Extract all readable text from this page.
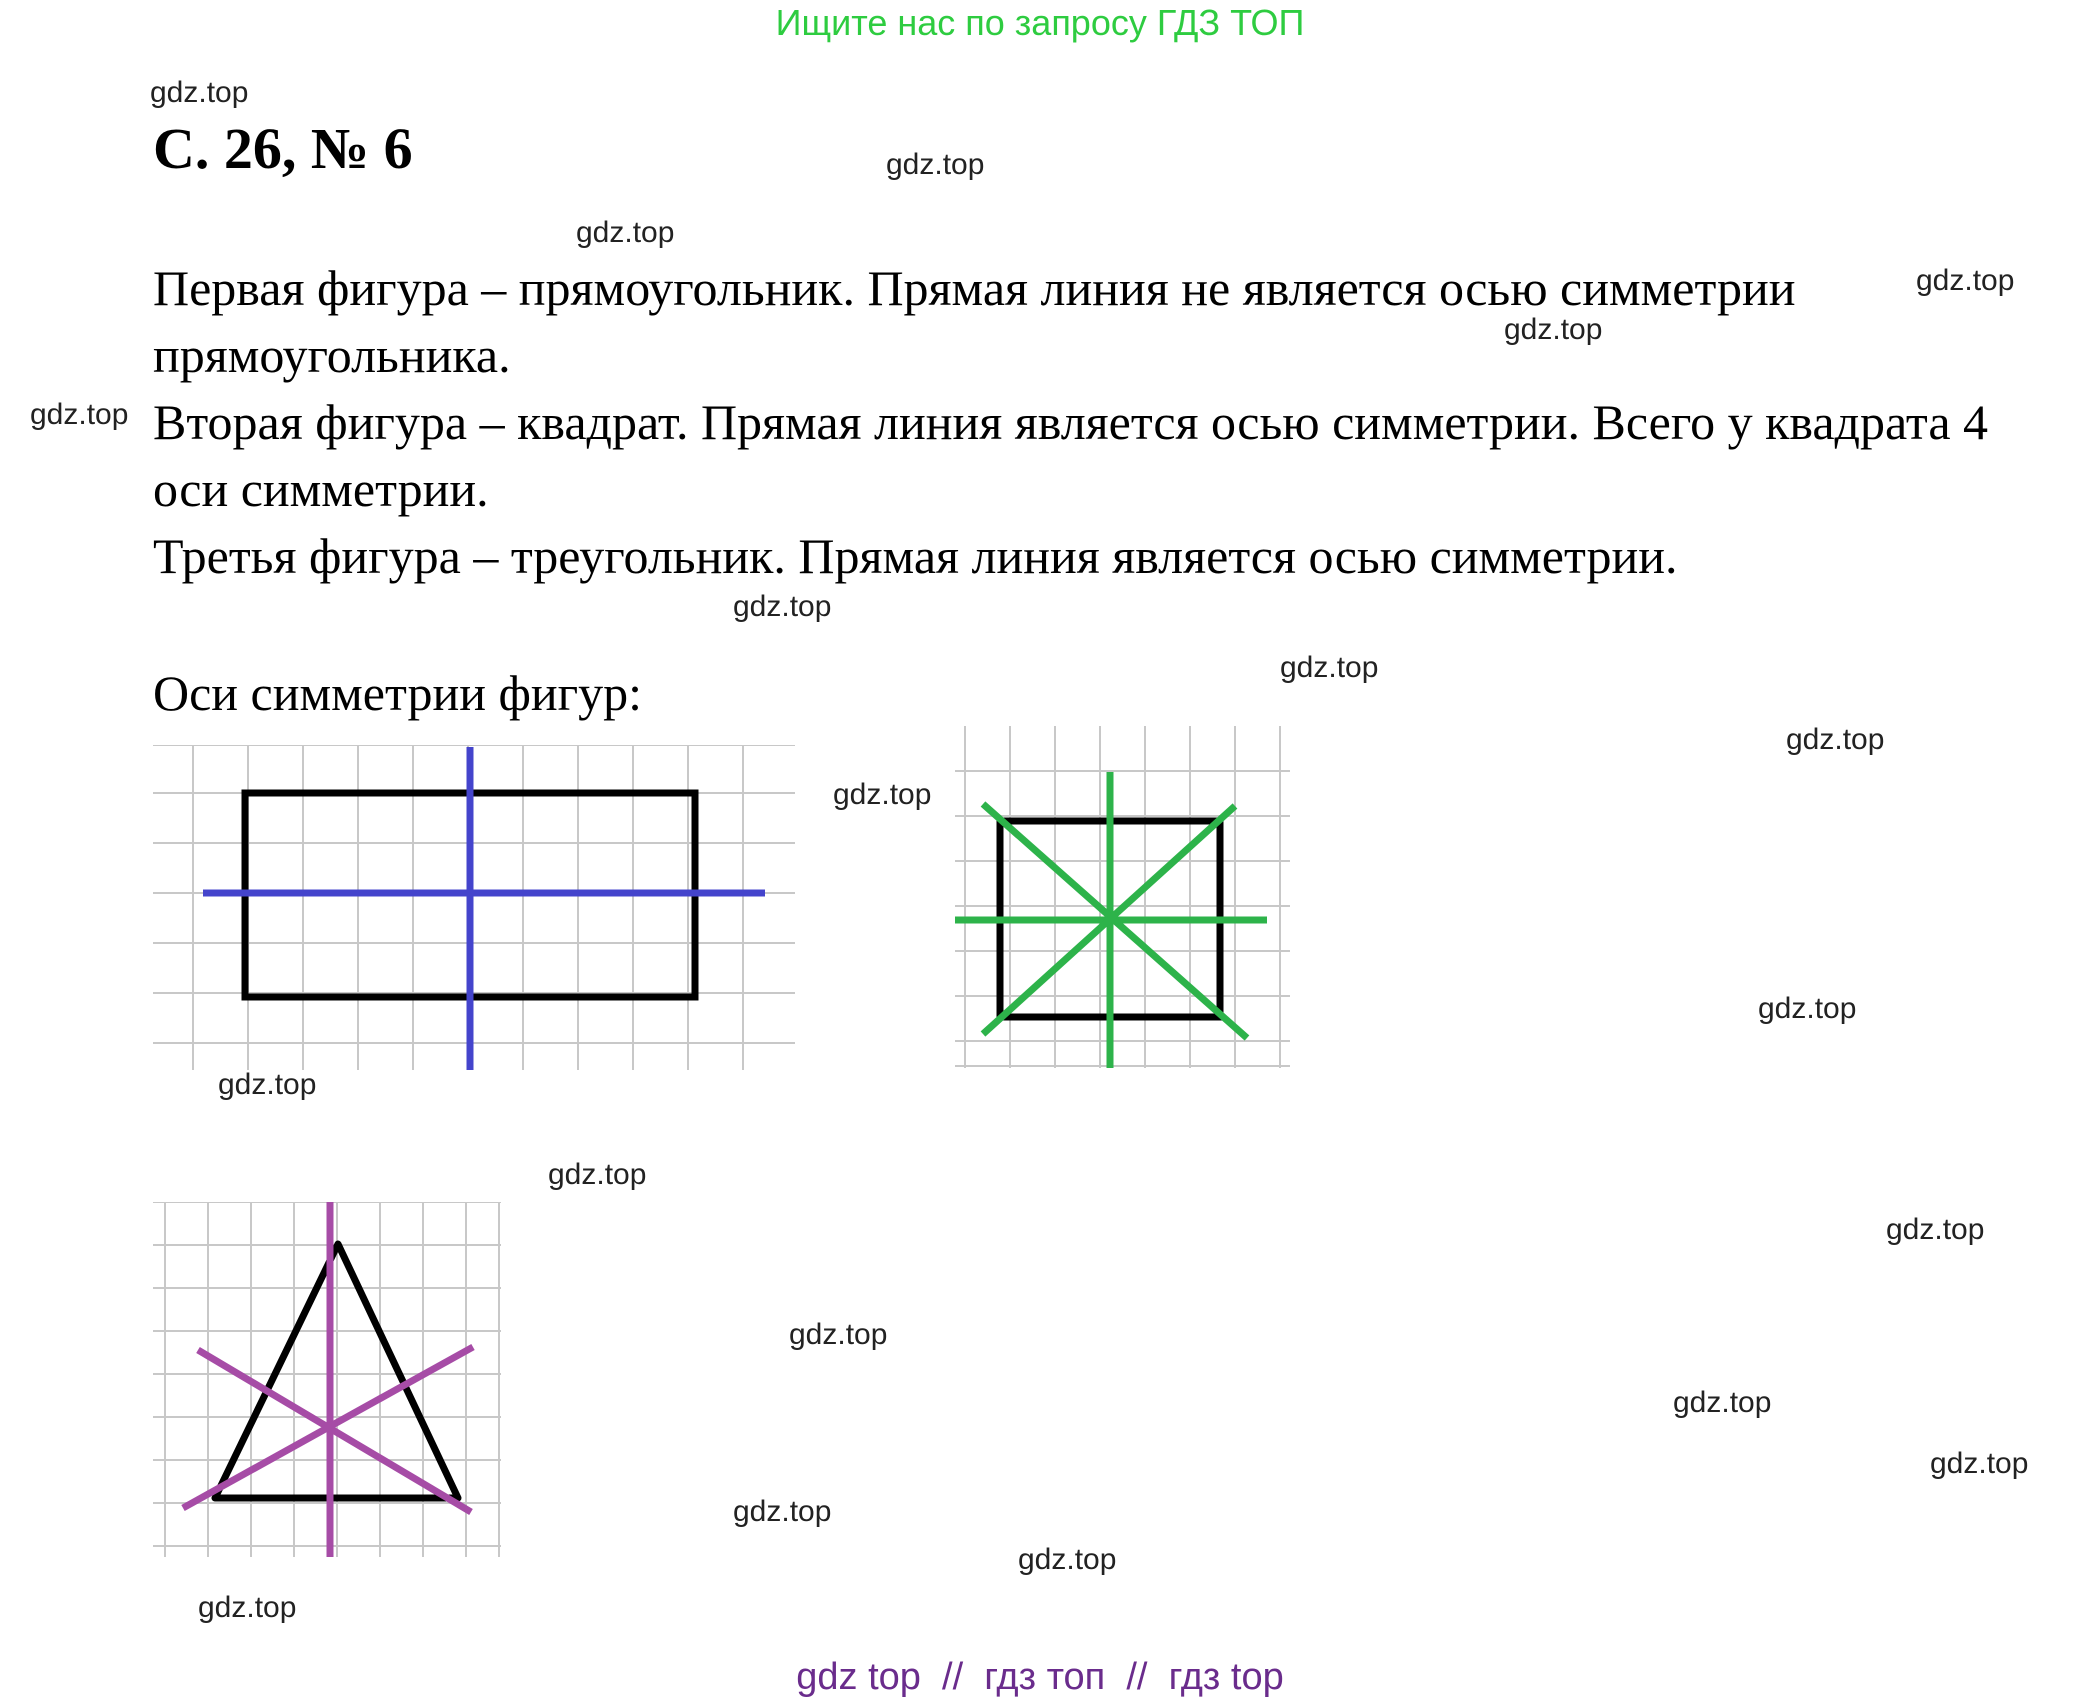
Ищите нас по запросу ГДЗ ТОП
С. 26, № 6

Первая фигура – прямоугольник. Прямая линия не является осью симметрии прямоугольника.

Вторая фигура – квадрат. Прямая линия является осью симметрии. Всего у квадрата 4 оси симметрии.

Третья фигура – треугольник. Прямая линия является осью симметрии.

Оси симметрии фигур:
gdz.top
gdz.top
gdz.top
gdz.top
gdz.top
gdz.top
gdz.top
gdz.top
gdz.top
gdz.top
gdz.top
gdz.top
gdz.top
gdz.top
gdz.top
gdz.top
gdz.top
gdz.top
gdz.top
gdz.top
gdz top  //  гдз топ  //  гдз top
